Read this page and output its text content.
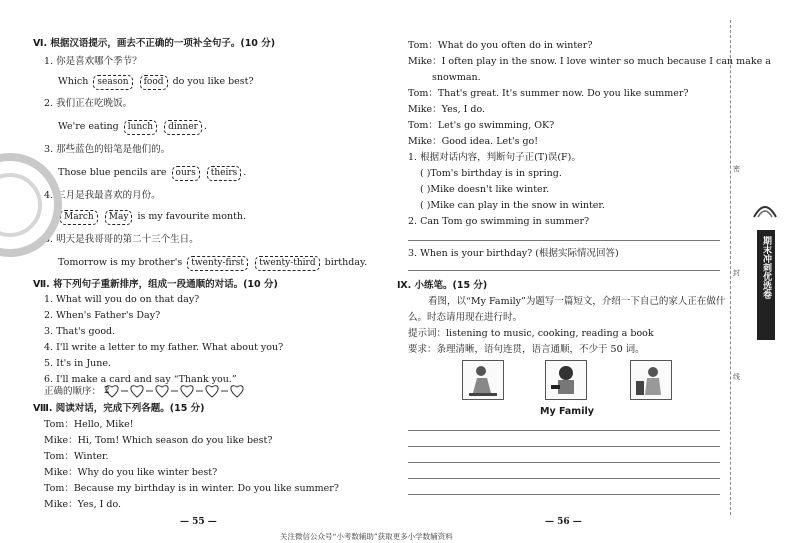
Ⅵ. 根据汉语提示，画去不正确的一项补全句子。(10 分)
1. 你是喜欢哪个季节？
Which season food do you like best?
2. 我们正在吃晚饭。
We're eating lunch dinner .
3. 那些蓝色的铅笔是他们的。
Those blue pencils are ours theirs .
4. 三月是我最喜欢的月份。
March May is my favourite month.
5. 明天是我哥哥的第二十三个生日。
Tomorrow is my brother's twenty-first twenty-third birthday.
Ⅶ. 将下列句子重新排序，组成一段通顺的对话。(10 分)
1. What will you do on that day?
2. When's Father's Day?
3. That's good.
4. I'll write a letter to my father. What about you?
5. It's in June.
6. I'll make a card and say “Thank you.”
正确的顺序： 2
Ⅷ. 阅读对话，完成下列各题。(15 分)
Tom：Hello, Mike!
Mike：Hi, Tom! Which season do you like best?
Tom：Winter.
Mike：Why do you like winter best?
Tom：Because my birthday is in winter. Do you like summer?
Mike：Yes, I do.
— 55 —
Tom：What do you often do in winter?
Mike：I often play in the snow. I love winter so much because I can make a
snowman.
Tom：That's great. It's summer now. Do you like summer?
Mike：Yes, I do.
Tom：Let's go swimming, OK?
Mike：Good idea. Let's go!
1. 根据对话内容，判断句子正(T)误(F)。
( )Tom's birthday is in spring.
( )Mike doesn't like winter.
( )Mike can play in the snow in winter.
2. Can Tom go swimming in summer?
3. When is your birthday? (根据实际情况回答)
Ⅸ. 小练笔。(15 分)
看图，以“My Family”为题写一篇短文，介绍一下自己的家人正在做什
么。时态请用现在进行时。
提示词：listening to music, cooking, reading a book
要求：条理清晰，语句连贯，语言通顺，不少于 50 词。
My Family
— 56 —
关注微信公众号“小考数辅助”获取更多小学数辅资料
密
封
线
期末冲刺优选卷
